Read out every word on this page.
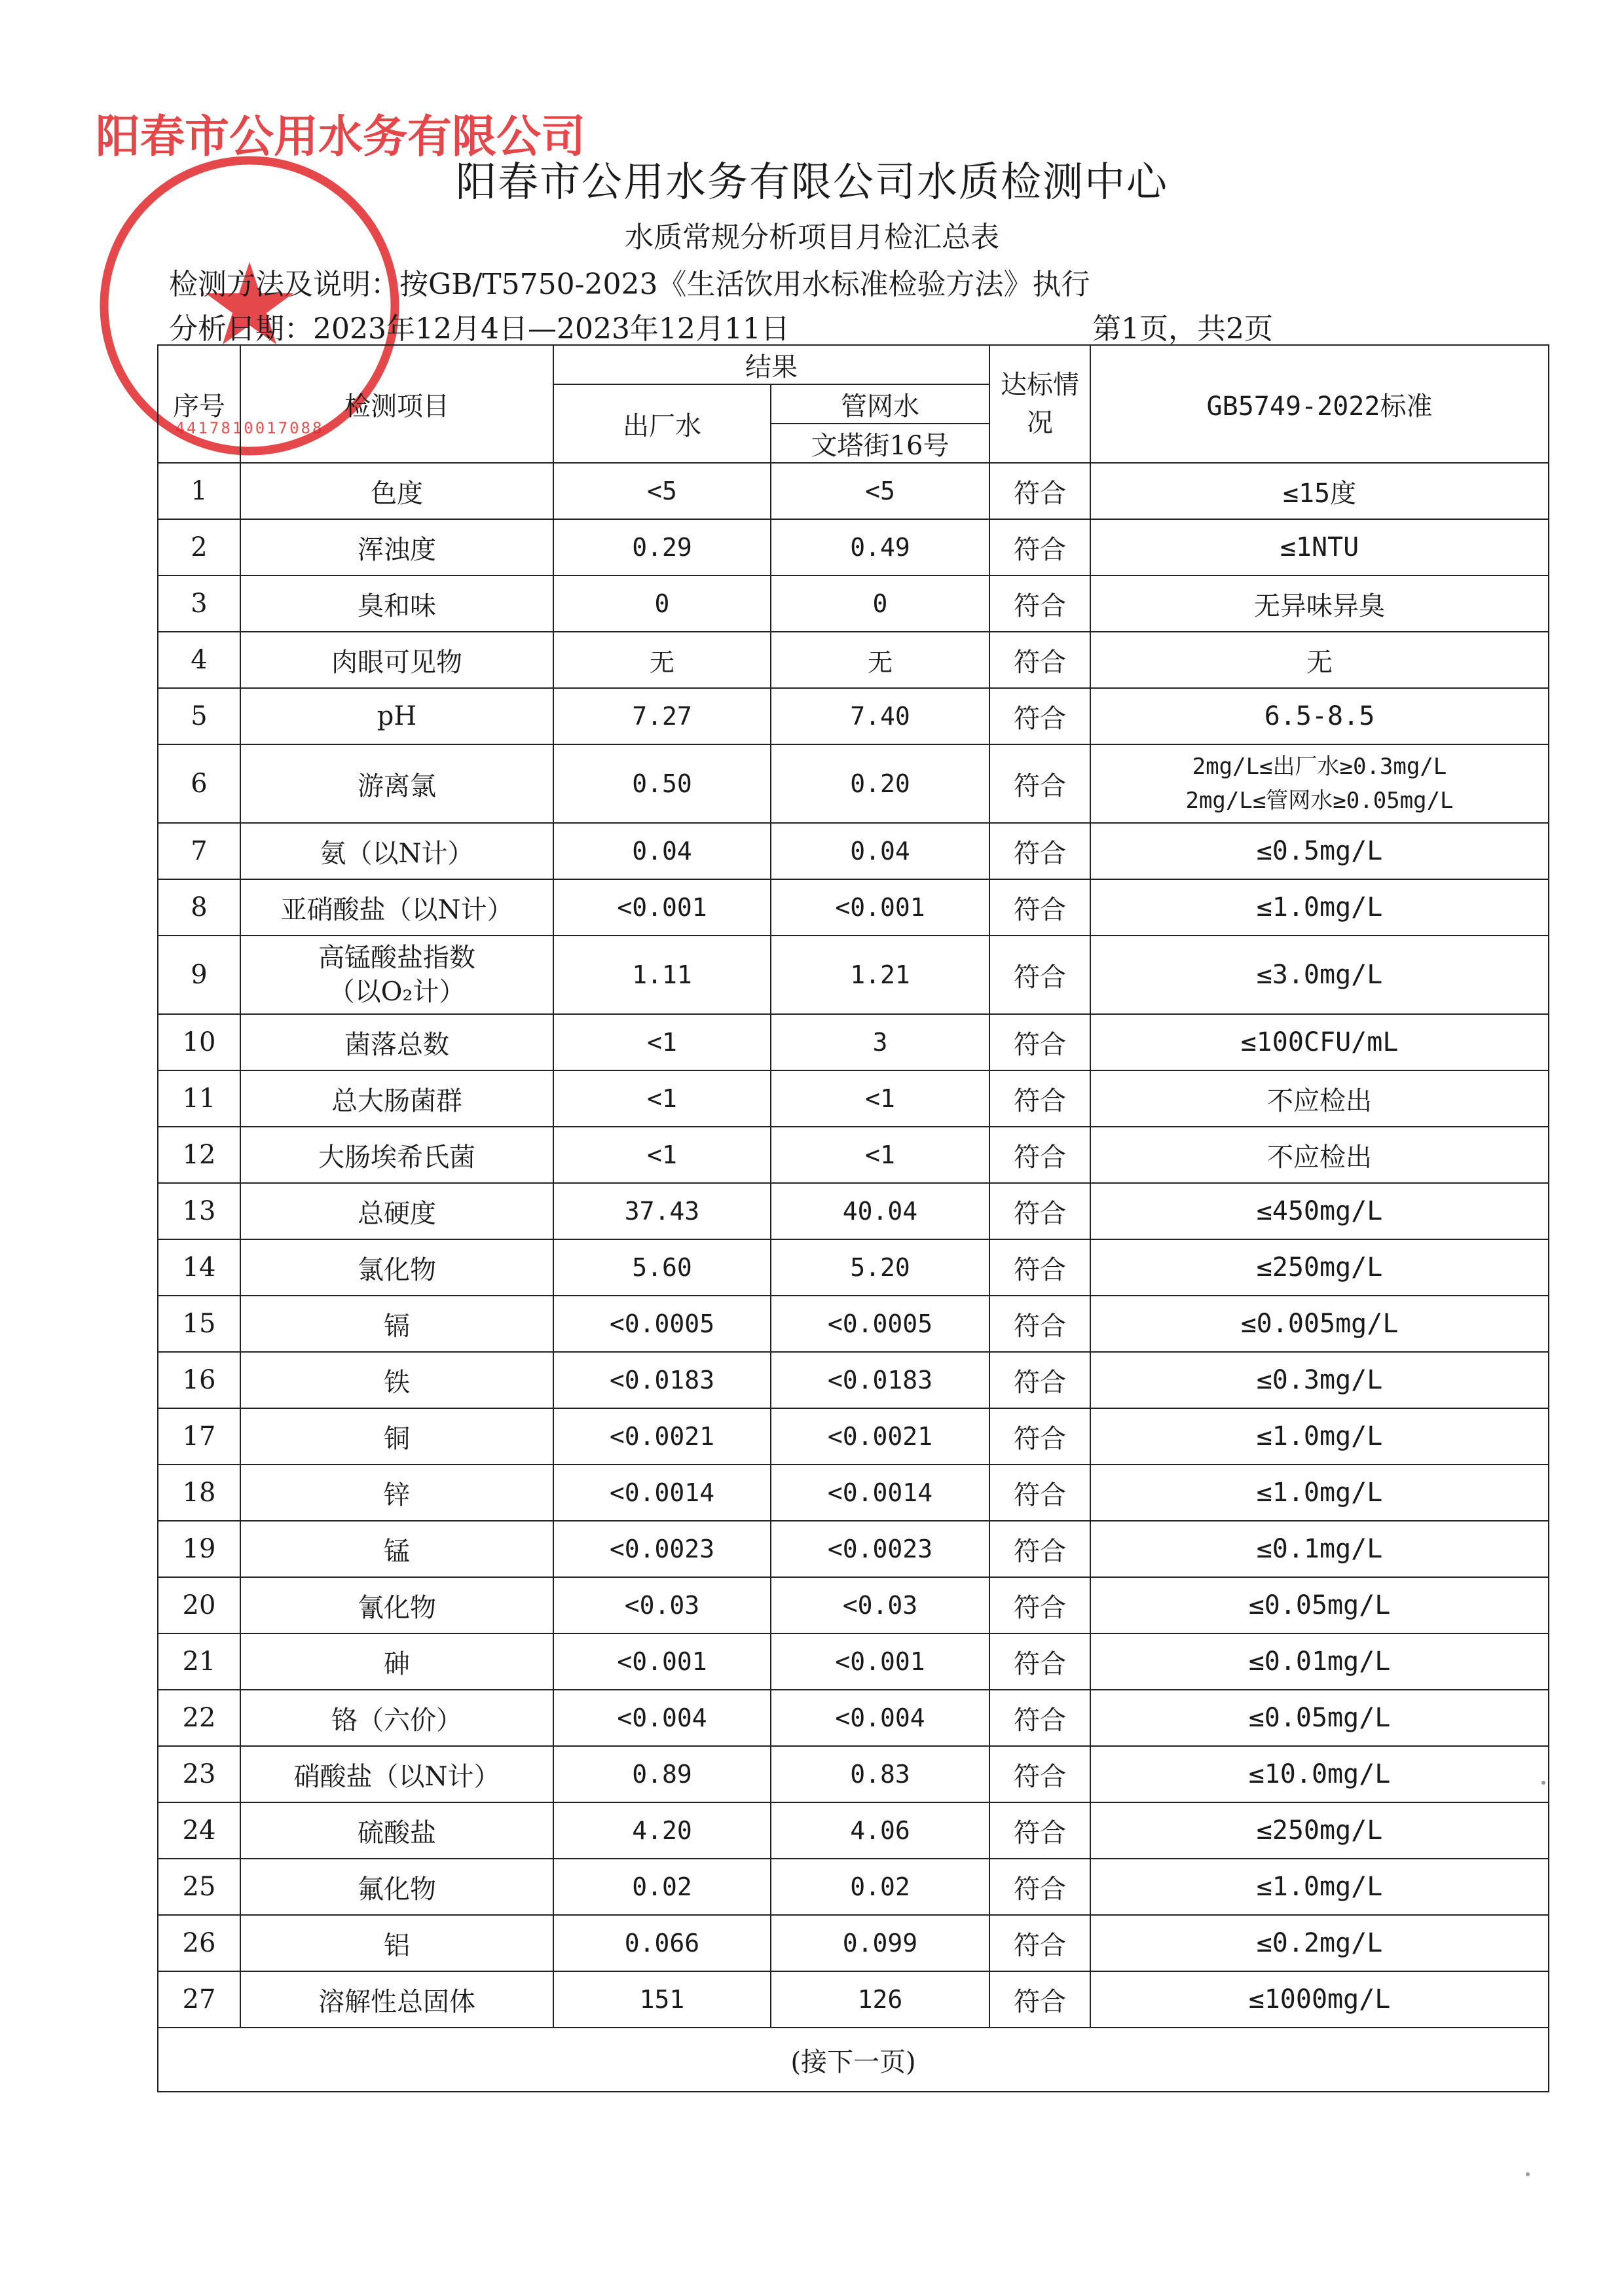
阳春市公用水务有限公司
4417810017088
阳春市公用水务有限公司水质检测中心
水质常规分析项目月检汇总表
检测方法及说明：按GB/T5750-2023《生活饮用水标准检验方法》执行
分析日期：2023年12月4日—2023年12月11日	第1页，共2页
序号	检测项目	结果		达标情况	GB5749-2022标准
		出厂水	管网水		
			文塔街16号		
1	色度	<5	<5	符合	≤15度
2	浑浊度	0.29	0.49	符合	≤1NTU
3	臭和味	0	0	符合	无异味异臭
4	肉眼可见物	无	无	符合	无
5	pH	7.27	7.40	符合	6.5-8.5
6	游离氯	0.50	0.20	符合	2mg/L≤出厂水≥0.3mg/L
2mg/L≤管网水≥0.05mg/L

7	氨（以N计）	0.04	0.04	符合	≤0.5mg/L
8	亚硝酸盐（以N计）	<0.001	<0.001	符合	≤1.0mg/L
9	高锰酸盐指数
（以O₂计）	1.11	1.21	符合	≤3.0mg/L
10	菌落总数	<1	3	符合	≤100CFU/mL
11	总大肠菌群	<1	<1	符合	不应检出
12	大肠埃希氏菌	<1	<1	符合	不应检出
13	总硬度	37.43	40.04	符合	≤450mg/L
14	氯化物	5.60	5.20	符合	≤250mg/L
15	镉	<0.0005	<0.0005	符合	≤0.005mg/L
16	铁	<0.0183	<0.0183	符合	≤0.3mg/L
17	铜	<0.0021	<0.0021	符合	≤1.0mg/L
18	锌	<0.0014	<0.0014	符合	≤1.0mg/L
19	锰	<0.0023	<0.0023	符合	≤0.1mg/L
20	氰化物	<0.03	<0.03	符合	≤0.05mg/L
21	砷	<0.001	<0.001	符合	≤0.01mg/L
22	铬（六价）	<0.004	<0.004	符合	≤0.05mg/L
23	硝酸盐（以N计）	0.89	0.83	符合	≤10.0mg/L
24	硫酸盐	4.20	4.06	符合	≤250mg/L
25	氟化物	0.02	0.02	符合	≤1.0mg/L
26	铝	0.066	0.099	符合	≤0.2mg/L
27	溶解性总固体	151	126	符合	≤1000mg/L
(接下一页)					
